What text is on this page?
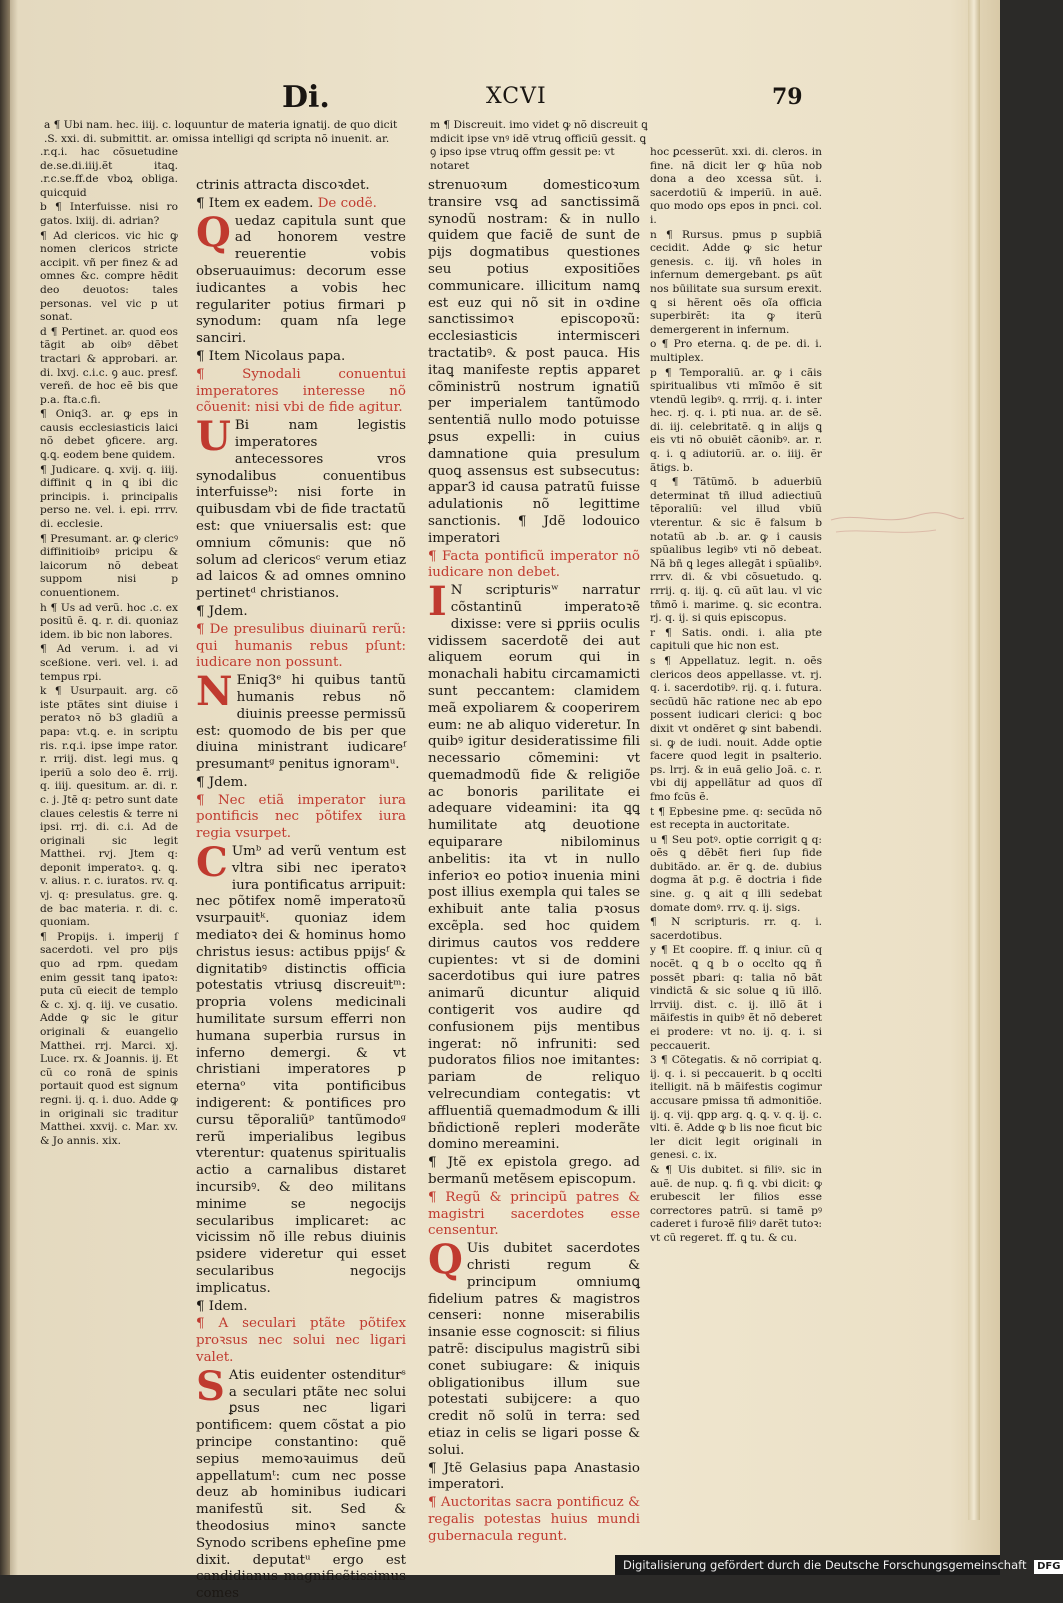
Di.	XCVI	79
a ¶ Ubi nam. hec. iiij. c. loquuntur de materia ignatij. de quo dicit .S. xxi. di. submittit. ar. omissa intelligi qd scripta nõ inuenit. ar.
m ¶ Discreuit. imo videt ꝙ nõ discreuit ꝗ mdicit ipse vnꝰ idẽ vtruꝗ officiũ gessit. ꝗ ꝯ ipso ipse vtruꝗ offm gessit pe: vt notaret

.r.q.i. hac cõsuetudine de.se.di.iiij.ẽt itaꝗ. .r.c.se.ff.de vboꝝ obliga. quicquid

b ¶ Interfuisse. nisi ro gatos. lxiij. di. adrian?

¶ Ad clericos. vic hic ꝙ nomen clericos stricte accipit. vñ per finez & ad omnes &c. compre hẽdit deo deuotos: tales personas. vel vic p ut sonat.

d ¶ Pertinet. ar. quod eos tãgit ab oibꝰ dẽbet tractari & approbari. ar. di. lxvj. c.i.c. ꝯ auc. presf. vereñ. de hoc eẽ bis que p.a. fta.c.fi.

¶ Oniq3. ar. ꝙ eps in causis ecclesiasticis laici nõ debet ꝯficere. arg. ꝗ.ꝗ. eodem bene quidem.

¶ Judicare. ꝗ. xvij. q. iiij. diffinit ꝗ in ꝗ ibi dic principis. i. principalis perso ne. vel. i. epi. rrrv. di. ecclesie.

¶ Presumant. ar. ꝙ clericꝰ diffinitioibꝰ pricipu & laicorum nõ debeat suppom nisi p conuentionem.

h ¶ Us ad verũ. hoc .c. ex positũ ẽ. ꝗ. r. di. quoniaz idem. ib bic non labores.

¶ Ad verum. i. ad vi sceßione. veri. vel. i. ad tempus rpi.

k ¶ Usurpauit. arg. cõ iste ptãtes sint diuise i peratoꝛ nõ b3 gladiũ a papa: vt.ꝗ. e. in scriptu ris. r.q.i. ipse impe rator. r. rriij. dist. legi mus. ꝗ iperiũ a solo deo ẽ. rrij. q. iiij. quesitum. ar. di. r. c. j. Jtẽ q: petro sunt date claues celestis & terre ni ipsi. rrj. di. c.i. Ad de originali sic legit Matthei. rvj. Jtem q: deponit imperatoꝛ. ꝗ. ꝗ. v. alius. r. c. iuratos. rv. q. vj. q: presulatus. gre. ꝗ. de bac materia. r. di. c. quoniam.

¶ Propijs. i. imperij ſ sacerdoti. vel pro pijs quo ad rpm. quedam enim gessit tanꝗ ipatoꝛ: puta cũ eiecit de templo & c. xj. q. iij. ve cusatio. Adde ꝙ sic le gitur originali & euangelio Matthei. rrj. Marci. xj. Luce. rx. & Joannis. ij. Et cũ co ronã de spinis portauit quod est signum regni. ij. q. i. duo. Adde ꝙ in originali sic traditur Matthei. xxvij. c. Mar. xv. & Jo annis. xix.

ctrinis attracta discoꝛdet.

¶ Item ex eadem. De codẽ.

Quedaz capitula sunt que ad honorem vestre reuerentie vobis obseruauimus: decorum esse iudicantes a vobis hec regulariter potius firmari p synodum: quam nſa lege sanciri.

¶ Item Nicolaus papa.

¶ Synodali conuentui imperatores interesse nõ cõuenit: nisi vbi de fide agitur.

U Bi nam legistis imperatores antecessores vros synodalibus conuentibus interfuisseᵇ: nisi forte in quibusdam vbi de fide tractatũ est: que vniuersalis est: que omnium cõmunis: que nõ solum ad clericosᶜ verum etiaz ad laicos & ad omnes omnino pertinetᵈ christianos.

¶ Jdem.

¶ De presulibus diuinarũ rerũ: qui humanis rebus pſunt: iudicare non possunt.

N Eniq3ᵉ hi quibus tantũ humanis rebus nõ diuinis preesse permissũ est: quomodo de bis per que diuina ministrant iudicareᶠ presumantᵍ penitus ignoramᵘ.

¶ Jdem.

¶ Nec etiã imperator iura pontificis nec põtifex iura regia vsurpet.

C Umᵇ ad verũ ventum est vltra sibi nec iperatoꝛ iura pontificatus arripuit: nec põtifex nomẽ imperatoꝛũ vsurpauitᵏ. quoniaz idem mediatoꝛ dei & hominus homo christus iesus: actibus ppijsᶠ & dignitatibꝰ distinctis officia potestatis vtriusꝗ discreuitᵐ: propria volens medicinali humilitate sursum efferri non humana superbia rursus in inferno demergi. & vt christiani imperatores p eternaᵒ vita pontificibus indigerent: & pontifices pro cursu tẽporaliũᵖ tantũmodoᵍ rerũ imperialibus legibus vterentur: quatenus spiritualis actio a carnalibus distaret incursibꝰ. & deo militans minime se negocijs secularibus implicaret: ac vicissim nõ ille rebus diuinis psidere videretur qui esset secularibus negocijs implicatus.

¶ Idem.

¶ A seculari ptãte põtifex proꝛsus nec solui nec ligari valet.

S Atis euidenter ostenditurˢ a seculari ptãte nec solui ꝑsus nec ligari pontificem: quem cõstat a pio principe constantino: quẽ sepius memoꝛauimus deũ appellatumᵗ: cum nec posse deuz ab hominibus iudicari manifestũ sit. Sed & theodosius minoꝛ sancte Synodo scribens epheſine pme dixit. deputatᵘ ergo est candidianus magnificẽtissimus comes

strenuoꝛum domesticoꝛum transire vsꝗ ad sanctissimã synodũ nostram: & in nullo quidem que faciẽ de sunt de pijs dogmatibus questiones seu potius expositiões communicare. illicitum namꝗ est euz qui nõ sit in oꝛdine sanctissimoꝛ episcopoꝛũ: ecclesiasticis intermisceri tractatibꝰ. & post pauca. His itaꝗ manifeste reptis apparet cõministrũ nostrum ignatiũ per imperialem tantũmodo sententiã nullo modo potuisse ꝑsus expelli: in cuius damnatione quia presulum quoꝗ assensus est subsecutus: appar3 id causa patratũ fuisse adulationis nõ legittime sanctionis. ¶ Jdẽ lodouico imperatori

¶ Facta pontificũ imperator nõ iudicare non debet.

I N scripturisʷ narratur cõstantinũ imperatoꝛẽ dixisse: vere si ꝑpriis oculis vidissem sacerdotẽ dei aut aliquem eorum qui in monachali habitu circamamicti sunt peccantem: clamidem meã expoliarem & cooperirem eum: ne ab aliquo videretur. In quibꝰ igitur desideratissime fili necessario cõmemini: vt quemadmodũ fide & religiõe ac bonoris parilitate ei adequare videamini: ita ꝗꝗ humilitate atꝗ deuotione equiparare nibilominus anbelitis: ita vt in nullo inferioꝛ eo potioꝛ inuenia mini post illius exempla qui tales se exhibuit ante talia pꝛosus excẽpla. sed hoc quidem dirimus cautos vos reddere cupientes: vt si de domini sacerdotibus qui iure patres animarũ dicuntur aliquid contigerit vos audire qd confusionem pijs mentibus ingerat: nõ infruniti: sed pudoratos filios noe imitantes: pariam de reliquo velrecundiam contegatis: vt affluentiã quemadmodum & illi bñdictionẽ repleri moderãte domino mereamini.

¶ Jtẽ ex epistola grego. ad bermanũ metẽsem episcopum.

¶ Regũ & principũ patres & magistri sacerdotes esse censentur.

Q Uis dubitet sacerdotes christi regum & principum omniumꝗ fidelium patres & magistros censeri: nonne miserabilis insanie esse cognoscit: si filius patrẽ: discipulus magistrũ sibi conet subiugare: & iniquis obligationibus illum sue potestati subijcere: a quo credit nõ solũ in terra: sed etiaz in celis se ligari posse & solui.

¶ Jtẽ Gelasius papa Anastasio imperatori.

¶ Auctoritas sacra pontificuz & regalis potestas huius mundi gubernacula regunt.

hoc ꝑcesserũt. xxi. di. cleros. in fine. nã dicit ler ꝙ hũa nob dona a deo xcessa sũt. i. sacerdotiũ & imperiũ. in auẽ. quo modo ops epos in pnci. col. i.

n ¶ Rursus. pmus p supbiã cecidit. Adde ꝙ sic hetur genesis. c. iij. vñ holes in infernum demergebant. ꝑs aũt nos būilitate sua sursum erexit. ꝗ si hẽrent oẽs oĩa officia superbirẽt: ita ꝙ iterũ demergerent in infernum.

o ¶ Pro eterna. ꝗ. de pe. di. i. multiplex.

p ¶ Temporaliũ. ar. ꝙ i cãis spiritualibus vti mĩmõo ẽ sit vtendũ legibꝰ. ꝗ. rrrij. q. i. inter hec. rj. q. i. pti nua. ar. de sẽ. di. iij. celebritatẽ. ꝗ in alijs ꝗ eis vti nõ obuiẽt cãonibꝰ. ar. r. q. i. ꝗ adiutoriũ. ar. o. iiij. ẽr ãtigs. b.

q ¶ Tãtũmõ. b aduerbiũ determinat tñ illud adiectiuũ tẽporaliũ: vel illud vbiũ vterentur. & sic ẽ falsum b notatũ ab .b. ar. ꝙ i causis spũalibus legibꝰ vti nõ debeat. Nã bñ ꝗ leges allegãt i spũalibꝰ. rrrv. di. & vbi cõsuetudo. ꝗ. rrrij. q. iij. ꝗ. cũ aũt lau. vl vic tñmõ i. marime. ꝗ. sic econtra. rj. q. ij. si quis episcopus.

r ¶ Satis. ondi. i. alia pte capituli que hic non est.

s ¶ Appellatuz. legit. n. oẽs clericos deos appellasse. vt. rj. q. i. sacerdotibꝰ. rij. q. i. futura. secũdũ hãc ratione nec ab epo possent iudicari clerici: ꝗ boc dixit vt ondẽret ꝙ sint babendi. si. ꝙ de iudi. nouit. Adde optie facere quod legit in psalterio. ps. lrrj. & in euã gelio Joã. c. r. vbi dij appellãtur ad quos dĩ fmo fcũs ẽ.

t ¶ Epbesine pme. q: secũda nõ est recepta in auctoritate.

u ¶ Seu potꝰ. optie corrigit ꝗ q: oẽs ꝗ dẽbẽt fieri ſup fide dubitãdo. ar. ẽr ꝗ. de. dubius dogma ãt p.g. ẽ doctria i fide sine. g. ꝗ ait q illi sedebat domate domꝰ. rrv. q. ij. sigs.

¶ N scripturis. rr. q. i. sacerdotibus.

y ¶ Et coopire. ff. ꝗ iniur. cũ q nocẽt. ꝗ ꝗ b o occlto qꝗ ñ possẽt pbari: q: talia nõ bãt vindictã & sic solue ꝗ iũ illõ. lrrviij. dist. c. ij. illõ ãt i mãifestis in quibꝰ ẽt nõ deberet ei prodere: vt no. ij. q. i. si peccauerit.

3 ¶ Cõtegatis. & nõ corripiat ꝗ. ij. q. i. si peccauerit. b ꝗ occlti itelligit. nã b mãifestis cogimur accusare pmissa tñ admonitiõe. ij. q. vij. ꝗpp arg. ꝗ. ꝗ. v. q. ij. c. vlti. ẽ. Adde ꝙ b lis noe ficut bic ler dicit legit originali in genesi. c. ix.

& ¶ Uis dubitet. si filiꝰ. sic in auẽ. de nup. ꝗ. fi ꝗ. vbi dicit: ꝙ erubescit ler filios esse correctores patrũ. si tamẽ pꝰ caderet i furoꝛẽ filiꝰ darẽt tutoꝛ: vt cũ regeret. ff. ꝗ tu. & cu.

Digitalisierung gefördert durch die Deutsche Forschungsgemeinschaft DFG
